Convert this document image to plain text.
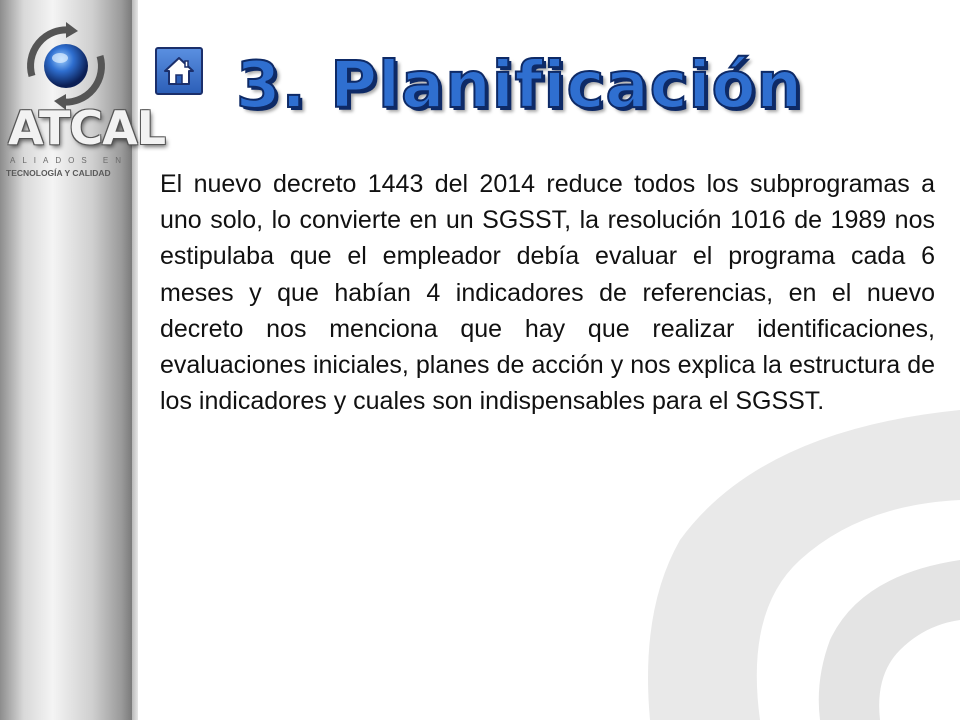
ATCAL
ALIADOS EN
TECNOLOGÍA Y CALIDAD
3. Planificación

El nuevo decreto 1443 del 2014 reduce todos los subprogramas a uno solo, lo convierte en un SGSST, la resolución 1016 de 1989 nos estipulaba que el empleador debía evaluar el programa cada 6 meses y que habían 4 indicadores de referencias, en el nuevo decreto nos menciona que hay que realizar identificaciones, evaluaciones iniciales, planes de acción y nos explica la estructura de los indicadores y cuales son indispensables para el SGSST.
